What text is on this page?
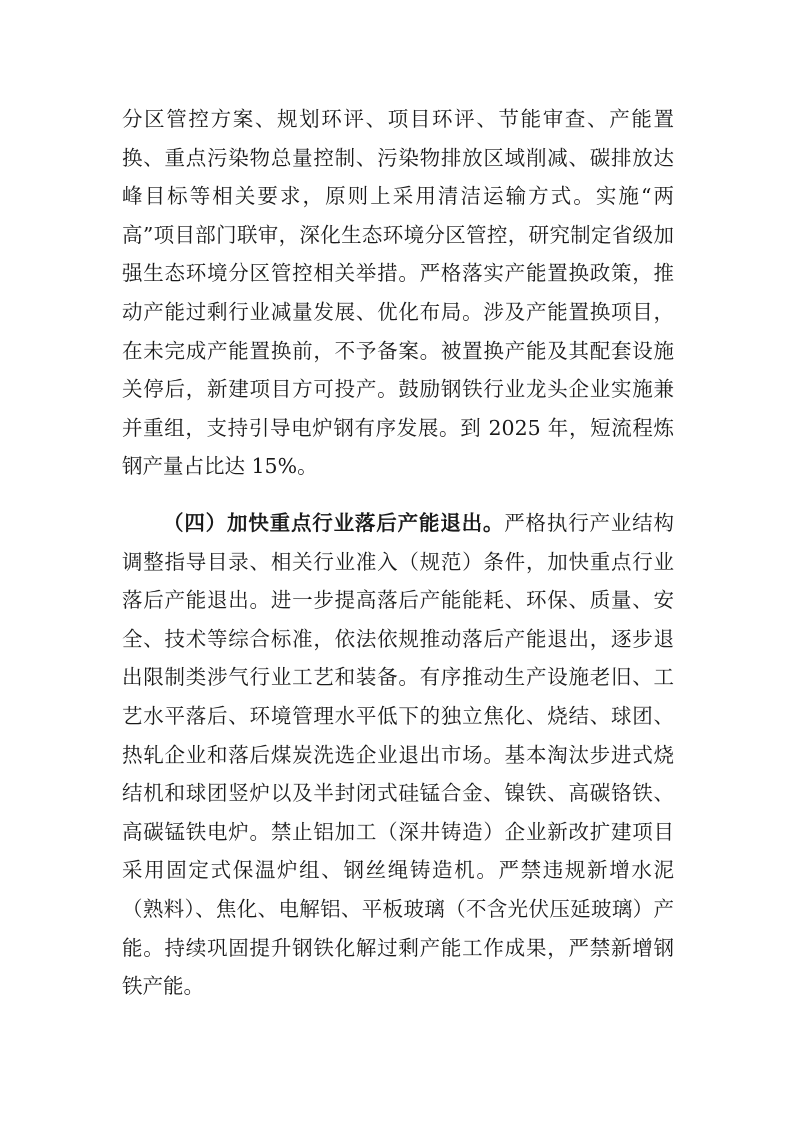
分区管控方案、规划环评、项目环评、节能审查、产能置换、重点污染物总量控制、污染物排放区域削减、碳排放达峰目标等相关要求，原则上采用清洁运输方式。实施“两高”项目部门联审，深化生态环境分区管控，研究制定省级加强生态环境分区管控相关举措。严格落实产能置换政策，推动产能过剩行业减量发展、优化布局。涉及产能置换项目，在未完成产能置换前，不予备案。被置换产能及其配套设施关停后，新建项目方可投产。鼓励钢铁行业龙头企业实施兼并重组，支持引导电炉钢有序发展。到 2025 年，短流程炼钢产量占比达 15%。

（四）加快重点行业落后产能退出。严格执行产业结构调整指导目录、相关行业准入（规范）条件，加快重点行业落后产能退出。进一步提高落后产能能耗、环保、质量、安全、技术等综合标准，依法依规推动落后产能退出，逐步退出限制类涉气行业工艺和装备。有序推动生产设施老旧、工艺水平落后、环境管理水平低下的独立焦化、烧结、球团、热轧企业和落后煤炭洗选企业退出市场。基本淘汰步进式烧结机和球团竖炉以及半封闭式硅锰合金、镍铁、高碳铬铁、高碳锰铁电炉。禁止铝加工（深井铸造）企业新改扩建项目采用固定式保温炉组、钢丝绳铸造机。严禁违规新增水泥（熟料）、焦化、电解铝、平板玻璃（不含光伏压延玻璃）产能。持续巩固提升钢铁化解过剩产能工作成果，严禁新增钢铁产能。
